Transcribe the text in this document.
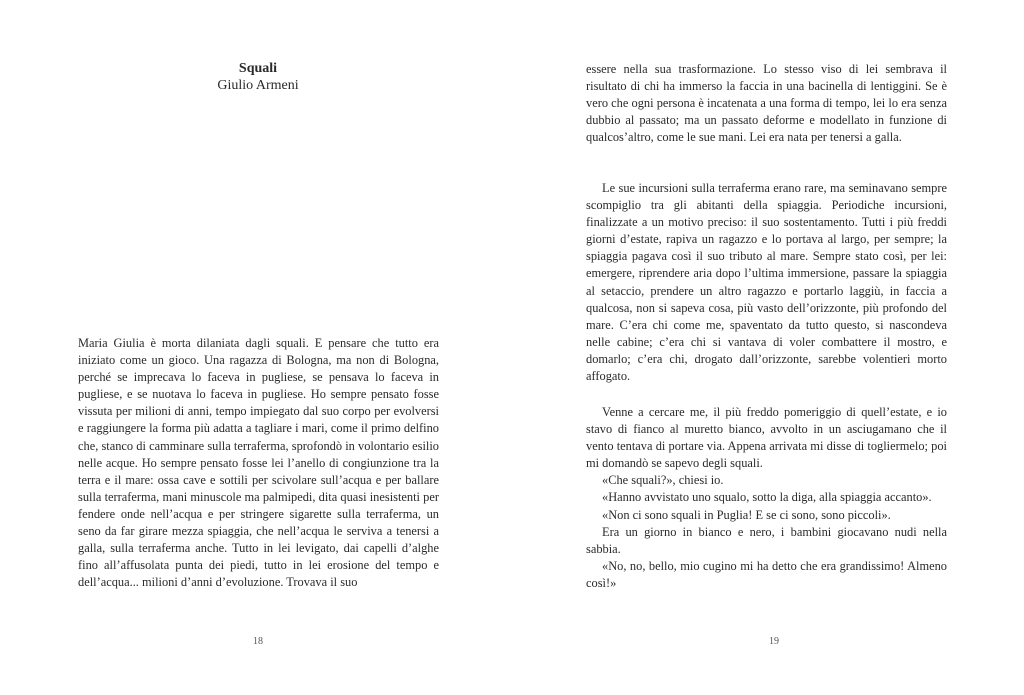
Squali
Giulio Armeni

Maria Giulia è morta dilaniata dagli squali. E pensare che tutto era iniziato come un gioco. Una ragazza di Bologna, ma non di Bologna, perché se imprecava lo faceva in pugliese, se pensava lo faceva in pugliese, e se nuotava lo faceva in pugliese. Ho sempre pensato fosse vissuta per milioni di anni, tempo impiegato dal suo corpo per evolversi e raggiungere la forma più adatta a tagliare i mari, come il primo delfino che, stanco di camminare sulla terraferma, sprofondò in volontario esilio nelle acque. Ho sempre pensato fosse lei l’anello di congiunzione tra la terra e il mare: ossa cave e sottili per scivolare sull’acqua e per ballare sulla terraferma, mani minuscole ma palmipedi, dita quasi inesistenti per fendere onde nell’acqua e per stringere sigarette sulla terraferma, un seno da far girare mezza spiaggia, che nell’acqua le serviva a tenersi a galla, sulla terraferma anche. Tutto in lei levigato, dai capelli d’alghe fino all’affusolata punta dei piedi, tutto in lei erosione del tempo e dell’acqua... milioni d’anni d’evoluzione. Trovava il suo

18

essere nella sua trasformazione. Lo stesso viso di lei sembrava il risultato di chi ha immerso la faccia in una bacinella di lentiggini. Se è vero che ogni persona è incatenata a una forma di tempo, lei lo era senza dubbio al passato; ma un passato deforme e modellato in funzione di qualcos’altro, come le sue mani. Lei era nata per tenersi a galla.

Le sue incursioni sulla terraferma erano rare, ma seminavano sempre scompiglio tra gli abitanti della spiaggia. Periodiche incursioni, finalizzate a un motivo preciso: il suo sostentamento. Tutti i più freddi giorni d’estate, rapiva un ragazzo e lo portava al largo, per sempre; la spiaggia pagava così il suo tributo al mare. Sempre stato così, per lei: emergere, riprendere aria dopo l’ultima immersione, passare la spiaggia al setaccio, prendere un altro ragazzo e portarlo laggiù, in faccia a qualcosa, non si sapeva cosa, più vasto dell’orizzonte, più profondo del mare. C’era chi come me, spaventato da tutto questo, si nascondeva nelle cabine; c’era chi si vantava di voler combattere il mostro, e domarlo; c’era chi, drogato dall’orizzonte, sarebbe volentieri morto affogato.

Venne a cercare me, il più freddo pomeriggio di quell’estate, e io stavo di fianco al muretto bianco, avvolto in un asciugamano che il vento tentava di portare via. Appena arrivata mi disse di togliermelo; poi mi domandò se sapevo degli squali.
«Che squali?», chiesi io.
«Hanno avvistato uno squalo, sotto la diga, alla spiaggia accanto».
«Non ci sono squali in Puglia! E se ci sono, sono piccoli».
Era un giorno in bianco e nero, i bambini giocavano nudi nella sabbia.
«No, no, bello, mio cugino mi ha detto che era grandissimo! Almeno così!»
19
